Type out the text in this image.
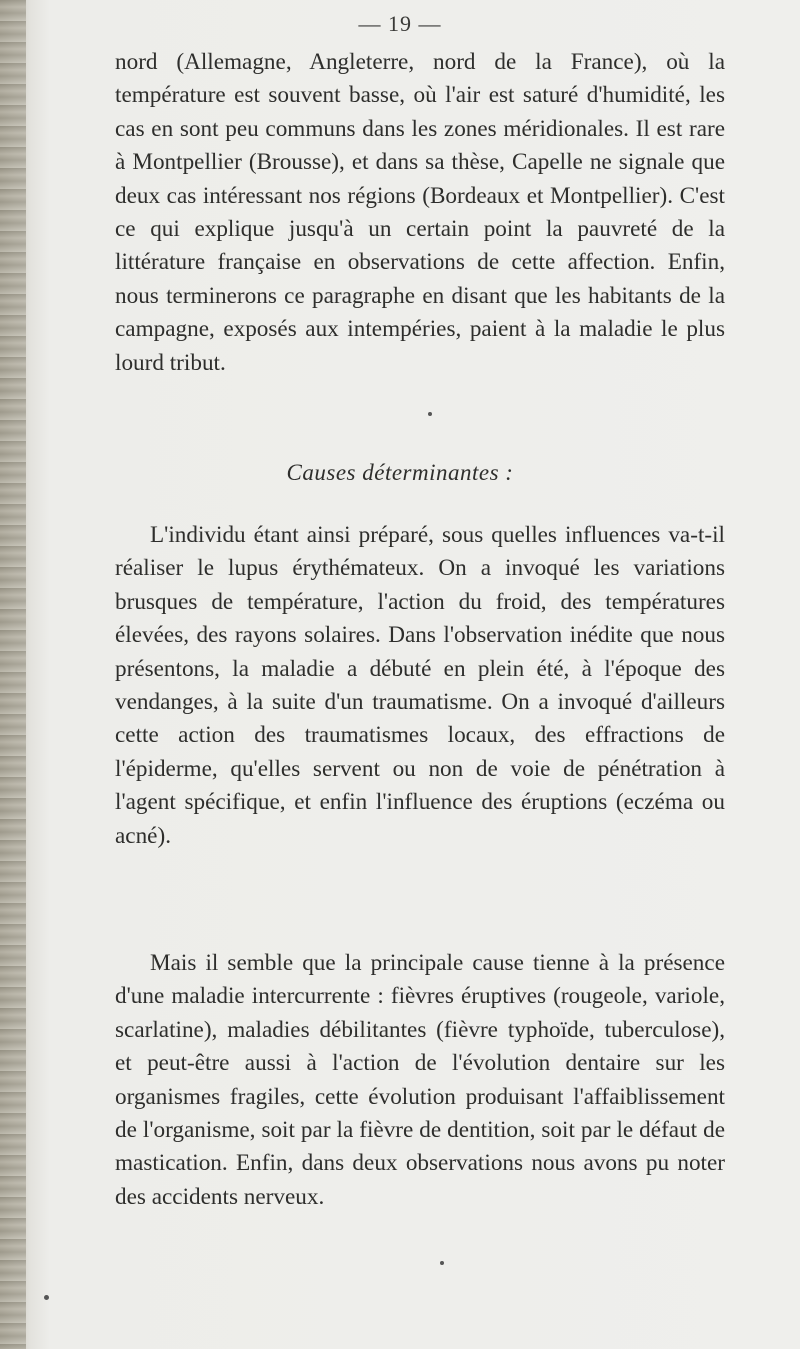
— 19 —

nord (Allemagne, Angleterre, nord de la France), où la température est souvent basse, où l'air est saturé d'humidité, les cas en sont peu communs dans les zones méridionales. Il est rare à Montpellier (Brousse), et dans sa thèse, Capelle ne signale que deux cas intéressant nos régions (Bordeaux et Montpellier). C'est ce qui explique jusqu'à un certain point la pauvreté de la littérature française en observations de cette affection. Enfin, nous terminerons ce paragraphe en disant que les habitants de la campagne, exposés aux intempéries, paient à la maladie le plus lourd tribut.

Causes déterminantes :

L'individu étant ainsi préparé, sous quelles influences va-t-il réaliser le lupus érythémateux. On a invoqué les variations brusques de température, l'action du froid, des températures élevées, des rayons solaires. Dans l'observation inédite que nous présentons, la maladie a débuté en plein été, à l'époque des vendanges, à la suite d'un traumatisme. On a invoqué d'ailleurs cette action des traumatismes locaux, des effractions de l'épiderme, qu'elles servent ou non de voie de pénétration à l'agent spécifique, et enfin l'influence des éruptions (eczéma ou acné).

Mais il semble que la principale cause tienne à la présence d'une maladie intercurrente : fièvres éruptives (rougeole, variole, scarlatine), maladies débilitantes (fièvre typhoïde, tuberculose), et peut-être aussi à l'action de l'évolution dentaire sur les organismes fragiles, cette évolution produisant l'affaiblissement de l'organisme, soit par la fièvre de dentition, soit par le défaut de mastication. Enfin, dans deux observations nous avons pu noter des accidents nerveux.
